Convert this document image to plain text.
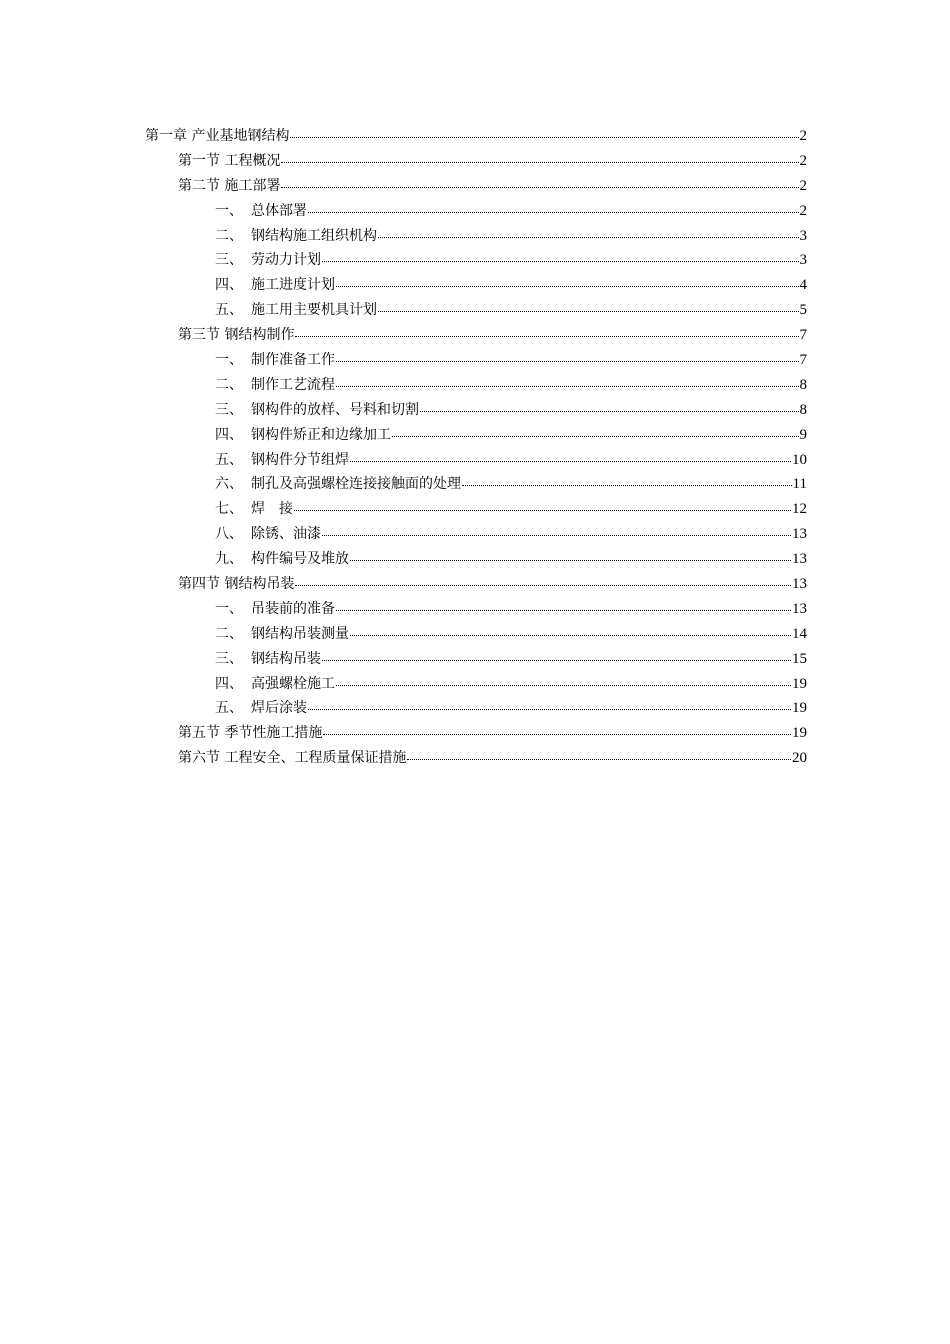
第一章 产业基地钢结构	2
第一节 工程概况	2
第二节 施工部署	2
一、 总体部署	2
二、 钢结构施工组织机构	3
三、 劳动力计划	3
四、 施工进度计划	4
五、 施工用主要机具计划	5
第三节 钢结构制作	7
一、 制作准备工作	7
二、 制作工艺流程	8
三、 钢构件的放样、号料和切割	8
四、 钢构件矫正和边缘加工	9
五、 钢构件分节组焊	10
六、 制孔及高强螺栓连接接触面的处理	11
七、 焊　接	12
八、 除锈、油漆	13
九、 构件编号及堆放	13
第四节 钢结构吊装	13
一、 吊装前的准备	13
二、 钢结构吊装测量	14
三、 钢结构吊装	15
四、 高强螺栓施工	19
五、 焊后涂装	19
第五节 季节性施工措施	19
第六节 工程安全、工程质量保证措施	20
